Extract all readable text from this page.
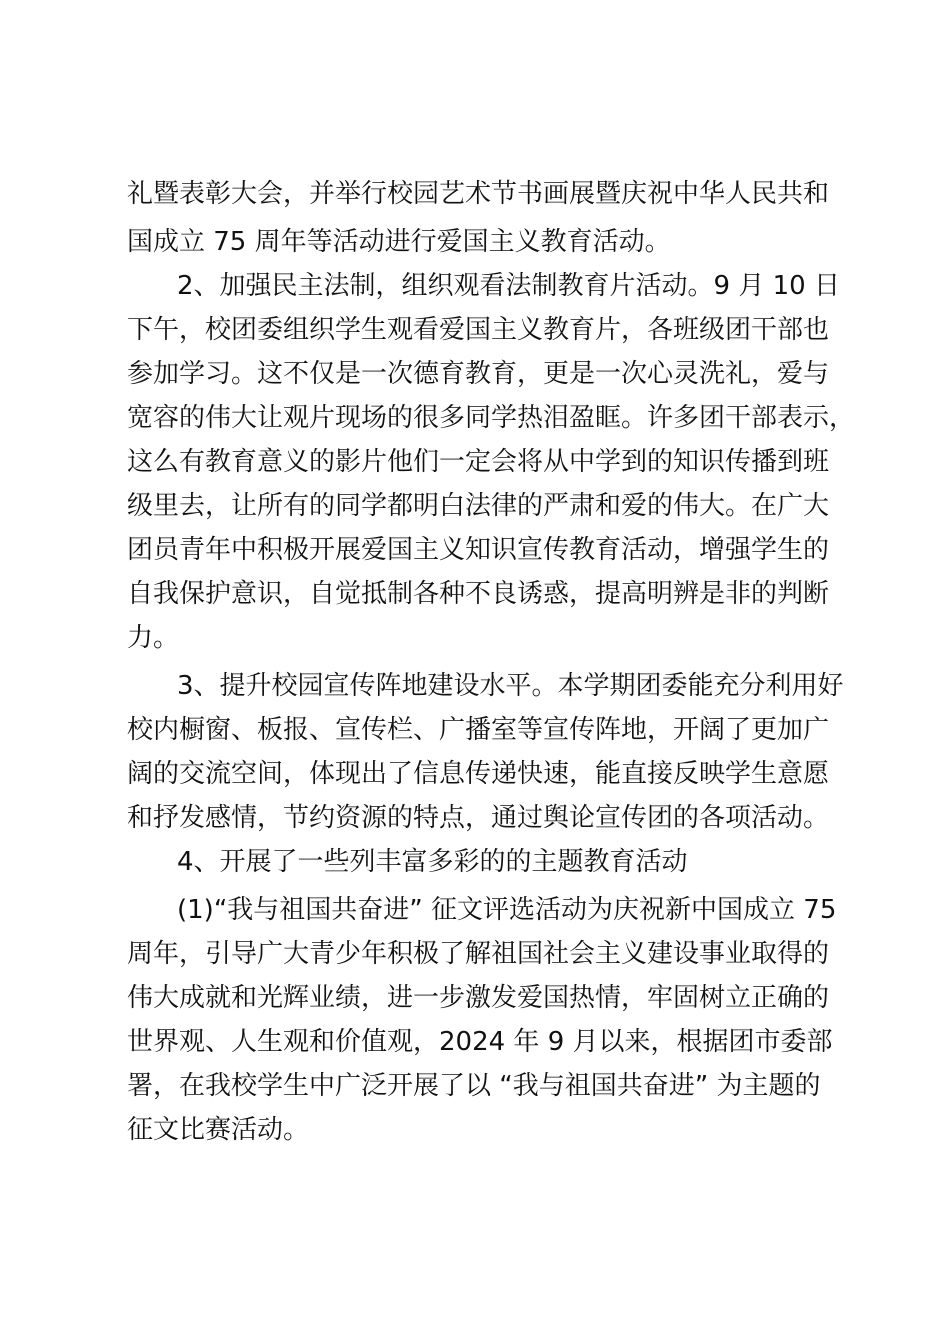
礼暨表彰大会，并举行校园艺术节书画展暨庆祝中华人民共和
国成立 75 周年等活动进行爱国主义教育活动。
2、加强民主法制，组织观看法制教育片活动。9 月 10 日
下午，校团委组织学生观看爱国主义教育片，各班级团干部也
参加学习。这不仅是一次德育教育，更是一次心灵洗礼，爱与
宽容的伟大让观片现场的很多同学热泪盈眶。许多团干部表示，
这么有教育意义的影片他们一定会将从中学到的知识传播到班
级里去，让所有的同学都明白法律的严肃和爱的伟大。在广大
团员青年中积极开展爱国主义知识宣传教育活动，增强学生的
自我保护意识，自觉抵制各种不良诱惑，提高明辨是非的判断
力。
3、提升校园宣传阵地建设水平。本学期团委能充分利用好
校内橱窗、板报、宣传栏、广播室等宣传阵地，开阔了更加广
阔的交流空间，体现出了信息传递快速，能直接反映学生意愿
和抒发感情，节约资源的特点，通过舆论宣传团的各项活动。
4、开展了一些列丰富多彩的的主题教育活动
(1)“我与祖国共奋进” 征文评选活动为庆祝新中国成立 75
周年，引导广大青少年积极了解祖国社会主义建设事业取得的
伟大成就和光辉业绩，进一步激发爱国热情，牢固树立正确的
世界观、人生观和价值观，2024 年 9 月以来，根据团市委部
署，在我校学生中广泛开展了以 “我与祖国共奋进” 为主题的
征文比赛活动。
